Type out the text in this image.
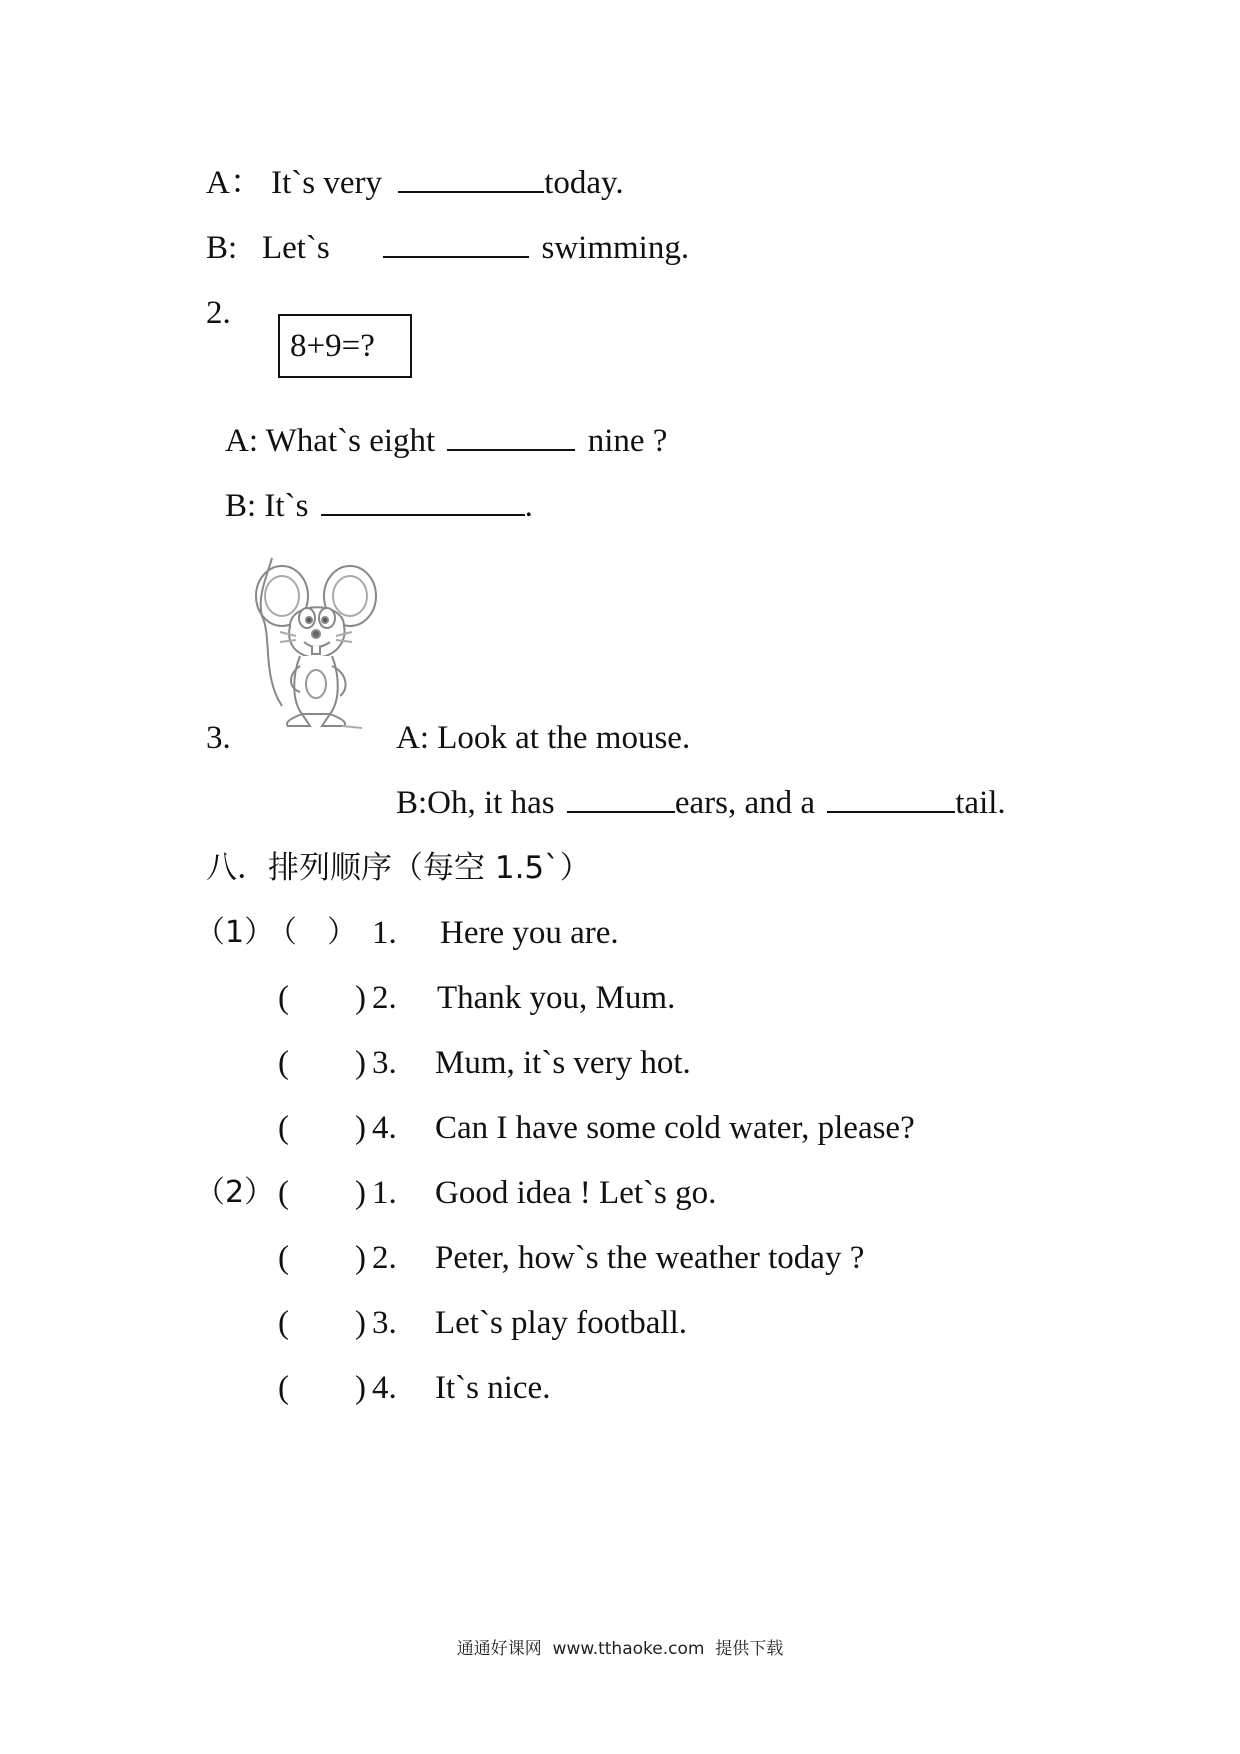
A： It`s very	today.
B: Let`s	swimming.
2.
8+9=?
A: What`s eight	nine ?
B: It`s	.
3.	A: Look at the mouse.
B:Oh, it has	ears, and a	tail.
八．排列顺序（每空 1.5`）
（1）
（　） 1. Here you are.
(　　) 2. Thank you, Mum.
(　　) 3. Mum, it`s very hot.
(　　) 4. Can I have some cold water, please?
（2） (　　) 1. Good idea ! Let`s go.
(　　) 2. Peter, how`s the weather today ?
(　　) 3. Let`s play football.
(　　) 4. It`s nice.
通通好课网  www.tthaoke.com  提供下载
